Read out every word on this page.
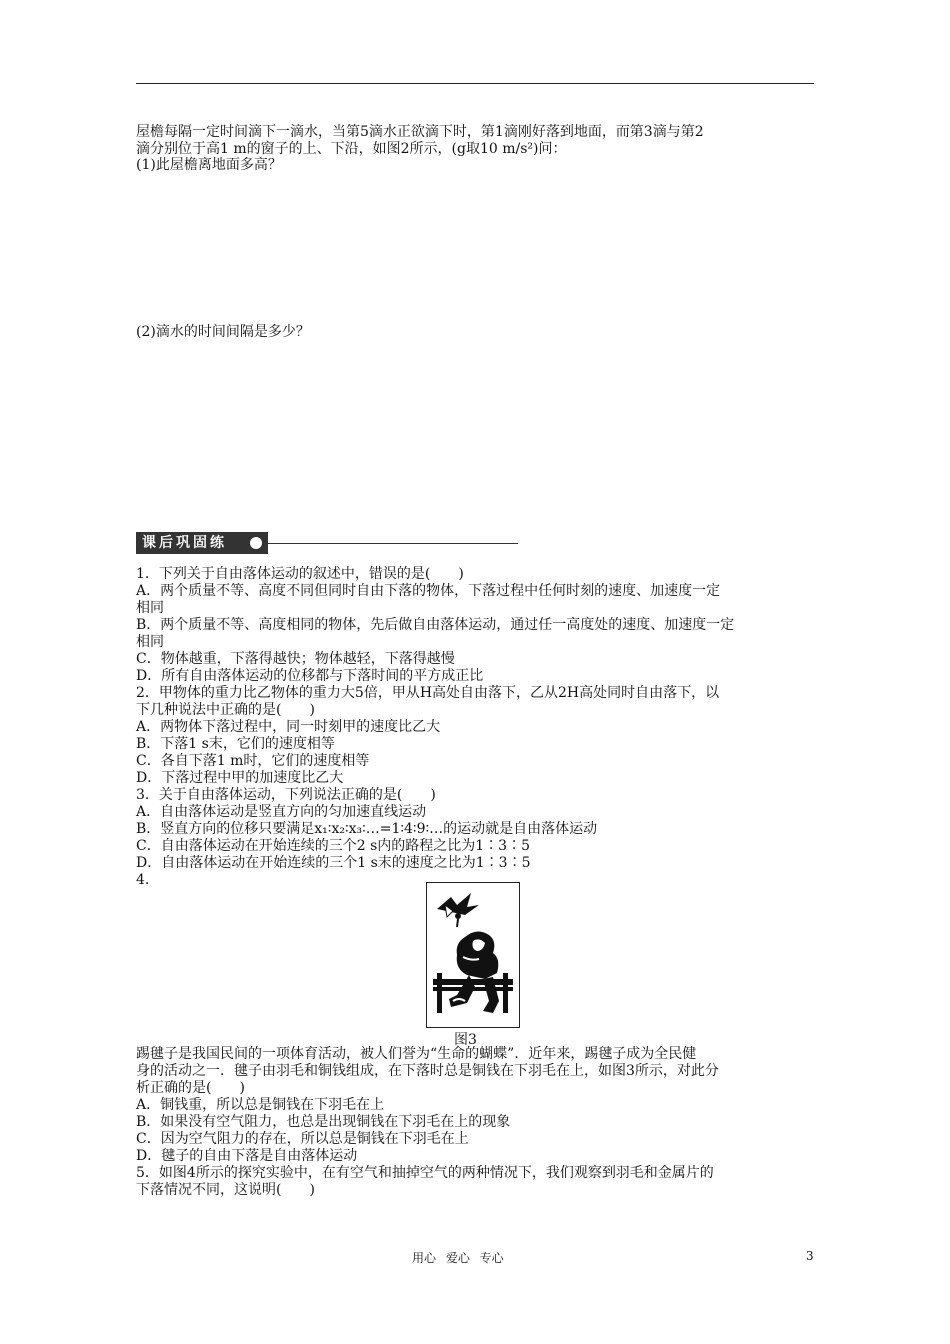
屋檐每隔一定时间滴下一滴水，当第5滴水正欲滴下时，第1滴刚好落到地面，而第3滴与第2

滴分别位于高1 m的窗子的上、下沿，如图2所示，(g取10 m/s²)问：

(1)此屋檐离地面多高？
(2)滴水的时间间隔是多少？
课后巩固练

1．下列关于自由落体运动的叙述中，错误的是(　　)

A．两个质量不等、高度不同但同时自由下落的物体，下落过程中任何时刻的速度、加速度一定

相同

B．两个质量不等、高度相同的物体，先后做自由落体运动，通过任一高度处的速度、加速度一定

相同

C．物体越重，下落得越快；物体越轻，下落得越慢

D．所有自由落体运动的位移都与下落时间的平方成正比

2．甲物体的重力比乙物体的重力大5倍，甲从H高处自由落下，乙从2H高处同时自由落下，以

下几种说法中正确的是(　　)

A．两物体下落过程中，同一时刻甲的速度比乙大

B．下落1 s末，它们的速度相等

C．各自下落1 m时，它们的速度相等

D．下落过程中甲的加速度比乙大

3．关于自由落体运动，下列说法正确的是(　　)

A．自由落体运动是竖直方向的匀加速直线运动

B．竖直方向的位移只要满足x₁∶x₂∶x₃∶…=1∶4∶9∶…的运动就是自由落体运动

C．自由落体运动在开始连续的三个2 s内的路程之比为1∶3∶5

D．自由落体运动在开始连续的三个1 s末的速度之比为1∶3∶5

4.

图3

踢毽子是我国民间的一项体育活动，被人们誉为“生命的蝴蝶”．近年来，踢毽子成为全民健

身的活动之一．毽子由羽毛和铜钱组成，在下落时总是铜钱在下羽毛在上，如图3所示，对此分

析正确的是(　　)

A．铜钱重，所以总是铜钱在下羽毛在上

B．如果没有空气阻力，也总是出现铜钱在下羽毛在上的现象

C．因为空气阻力的存在，所以总是铜钱在下羽毛在上

D．毽子的自由下落是自由落体运动

5．如图4所示的探究实验中，在有空气和抽掉空气的两种情况下，我们观察到羽毛和金属片的

下落情况不同，这说明(　　)

用心 爱心 专心	3
